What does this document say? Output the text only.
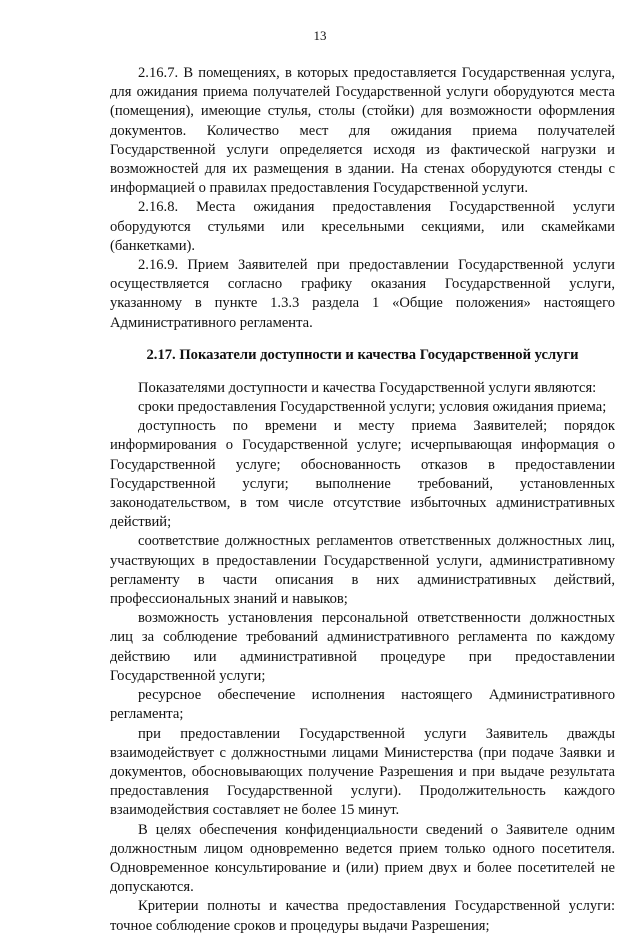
13

2.16.7. В помещениях, в которых предоставляется Государственная услуга, для ожидания приема получателей Государственной услуги оборудуются места (помещения), имеющие стулья, столы (стойки) для возможности оформления документов. Количество мест для ожидания приема получателей Государственной услуги определяется исходя из фактической нагрузки и возможностей для их размещения в здании. На стенах оборудуются стенды с информацией о правилах предоставления Государственной услуги.

2.16.8. Места ожидания предоставления Государственной услуги оборудуются стульями или кресельными секциями, или скамейками (банкетками).

2.16.9. Прием Заявителей при предоставлении Государственной услуги осуществляется согласно графику оказания Государственной услуги, указанному в пункте 1.3.3 раздела 1 «Общие положения» настоящего Административного регламента.

2.17. Показатели доступности и качества Государственной услуги

Показателями доступности и качества Государственной услуги являются:

сроки предоставления Государственной услуги; условия ожидания приема;

доступность по времени и месту приема Заявителей; порядок информирования о Государственной услуге; исчерпывающая информация о Государственной услуге; обоснованность отказов в предоставлении Государственной услуги; выполнение требований, установленных законодательством, в том числе отсутствие избыточных административных действий;

соответствие должностных регламентов ответственных должностных лиц, участвующих в предоставлении Государственной услуги, административному регламенту в части описания в них административных действий, профессиональных знаний и навыков;

возможность установления персональной ответственности должностных лиц за соблюдение требований административного регламента по каждому действию или административной процедуре при предоставлении Государственной услуги;

ресурсное обеспечение исполнения настоящего Административного регламента;

при предоставлении Государственной услуги Заявитель дважды взаимодействует с должностными лицами Министерства (при подаче Заявки и документов, обосновывающих получение Разрешения и при выдаче результата предоставления Государственной услуги). Продолжительность каждого взаимодействия составляет не более 15 минут.

В целях обеспечения конфиденциальности сведений о Заявителе одним должностным лицом одновременно ведется прием только одного посетителя. Одновременное консультирование и (или) прием двух и более посетителей не допускаются.

Критерии полноты и качества предоставления Государственной услуги: точное соблюдение сроков и процедуры выдачи Разрешения;
